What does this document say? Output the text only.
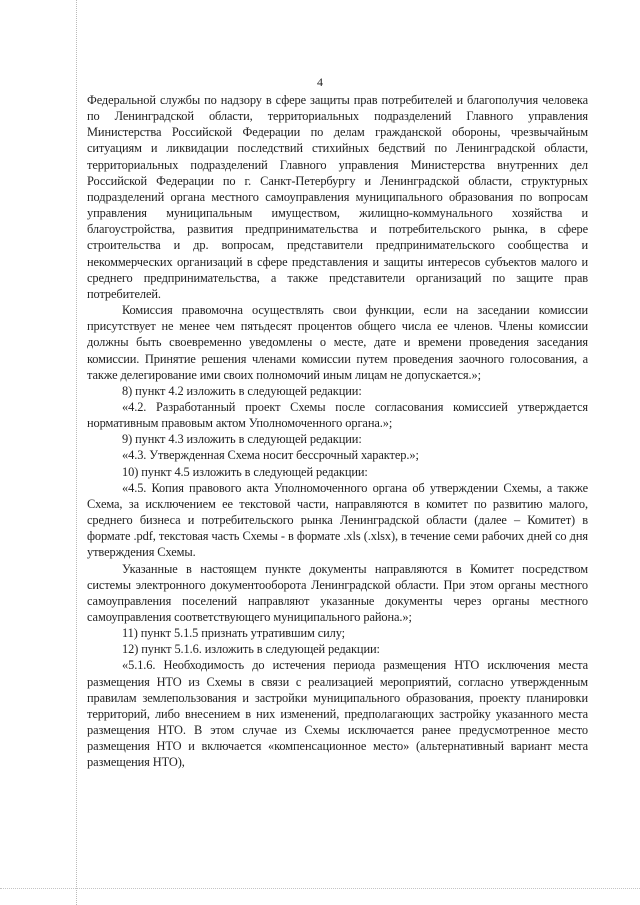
4

Федеральной службы по надзору в сфере защиты прав потребителей и благополучия человека по Ленинградской области, территориальных подразделений Главного управления Министерства Российской Федерации по делам гражданской обороны, чрезвычайным ситуациям и ликвидации последствий стихийных бедствий по Ленинградской области, территориальных подразделений Главного управления Министерства внутренних дел Российской Федерации по г. Санкт-Петербургу и Ленинградской области, структурных подразделений органа местного самоуправления муниципального образования по вопросам управления муниципальным имуществом, жилищно-коммунального хозяйства и благоустройства, развития предпринимательства и потребительского рынка, в сфере строительства и др. вопросам, представители предпринимательского сообщества и некоммерческих организаций в сфере представления и защиты интересов субъектов малого и среднего предпринимательства, а также представители организаций по защите прав потребителей.

Комиссия правомочна осуществлять свои функции, если на заседании комиссии присутствует не менее чем пятьдесят процентов общего числа ее членов. Члены комиссии должны быть своевременно уведомлены о месте, дате и времени проведения заседания комиссии. Принятие решения членами комиссии путем проведения заочного голосования, а также делегирование ими своих полномочий иным лицам не допускается.»;

8) пункт 4.2 изложить в следующей редакции:

«4.2. Разработанный проект Схемы после согласования комиссией утверждается нормативным правовым актом Уполномоченного органа.»;

9) пункт 4.3 изложить в следующей редакции:

«4.3. Утвержденная Схема носит бессрочный характер.»;

10) пункт 4.5 изложить в следующей редакции:

«4.5. Копия правового акта Уполномоченного органа об утверждении Схемы, а также Схема, за исключением ее текстовой части, направляются в комитет по развитию малого, среднего бизнеса и потребительского рынка Ленинградской области (далее – Комитет) в формате .pdf, текстовая часть Схемы - в формате .xls (.xlsx), в течение семи рабочих дней со дня утверждения Схемы.

Указанные в настоящем пункте документы направляются в Комитет посредством системы электронного документооборота Ленинградской области. При этом органы местного самоуправления поселений направляют указанные документы через органы местного самоуправления соответствующего муниципального района.»;

11) пункт 5.1.5 признать утратившим силу;

12) пункт 5.1.6. изложить в следующей редакции:

«5.1.6. Необходимость до истечения периода размещения НТО исключения места размещения НТО из Схемы в связи с реализацией мероприятий, согласно утвержденным правилам землепользования и застройки муниципального образования, проекту планировки территорий, либо внесением в них изменений, предполагающих застройку указанного места размещения НТО. В этом случае из Схемы исключается ранее предусмотренное место размещения НТО и включается «компенсационное место» (альтернативный вариант места размещения НТО),
